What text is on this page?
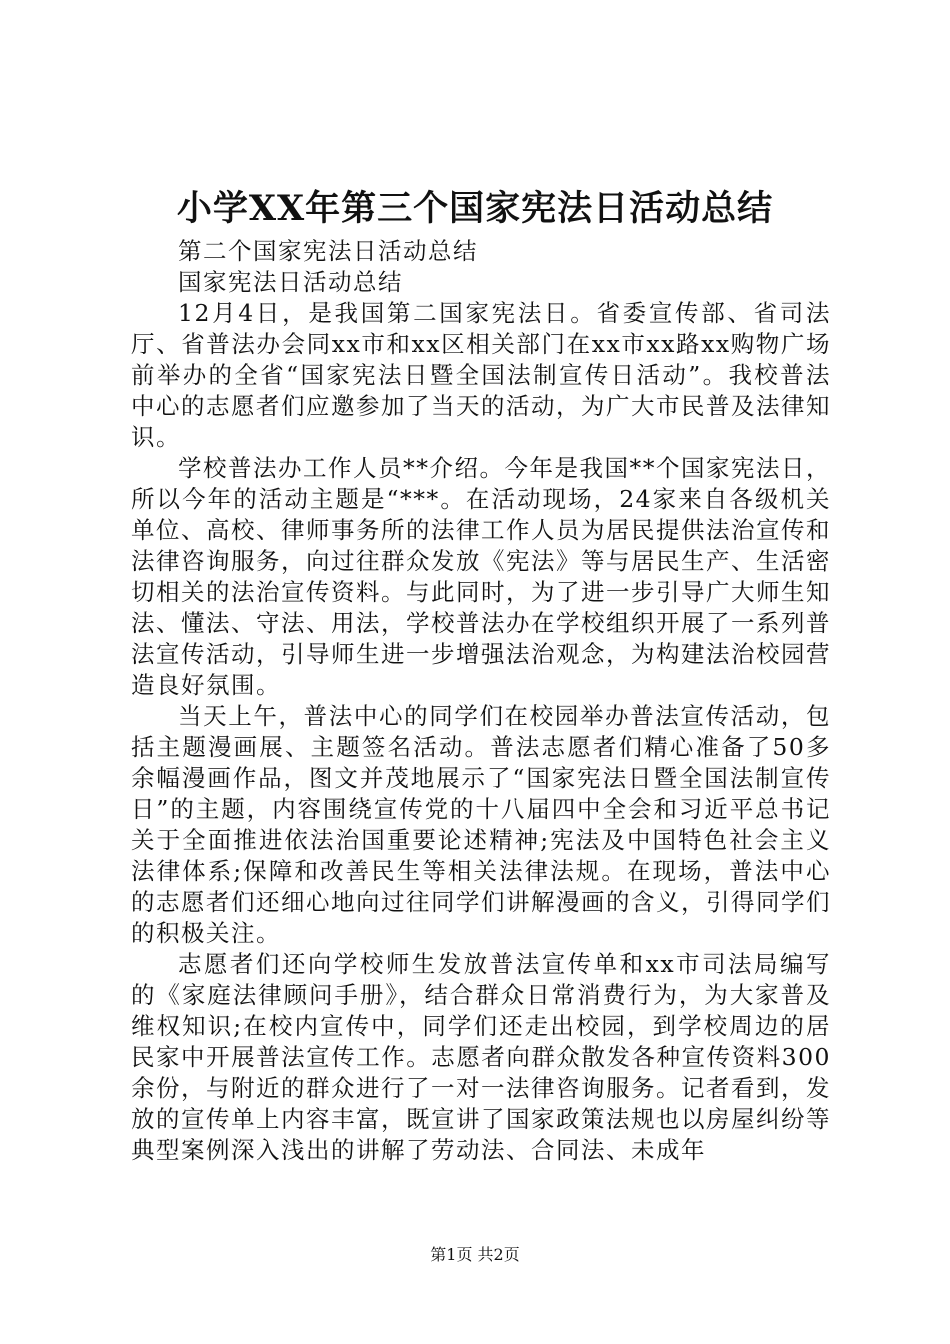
小学XX年第三个国家宪法日活动总结

第二个国家宪法日活动总结

国家宪法日活动总结

12月4日，是我国第二国家宪法日。省委宣传部、省司法厅、省普法办会同xx市和xx区相关部门在xx市xx路xx购物广场前举办的全省“国家宪法日暨全国法制宣传日活动”。我校普法中心的志愿者们应邀参加了当天的活动，为广大市民普及法律知识。

学校普法办工作人员**介绍。今年是我国**个国家宪法日，所以今年的活动主题是“***。在活动现场，24家来自各级机关单位、高校、律师事务所的法律工作人员为居民提供法治宣传和法律咨询服务，向过往群众发放《宪法》等与居民生产、生活密切相关的法治宣传资料。与此同时，为了进一步引导广大师生知法、懂法、守法、用法，学校普法办在学校组织开展了一系列普法宣传活动，引导师生进一步增强法治观念，为构建法治校园营造良好氛围。

当天上午，普法中心的同学们在校园举办普法宣传活动，包括主题漫画展、主题签名活动。普法志愿者们精心准备了50多余幅漫画作品，图文并茂地展示了“国家宪法日暨全国法制宣传日”的主题，内容围绕宣传党的十八届四中全会和习近平总书记关于全面推进依法治国重要论述精神;宪法及中国特色社会主义法律体系;保障和改善民生等相关法律法规。在现场，普法中心的志愿者们还细心地向过往同学们讲解漫画的含义，引得同学们的积极关注。

志愿者们还向学校师生发放普法宣传单和xx市司法局编写的《家庭法律顾问手册》，结合群众日常消费行为，为大家普及维权知识;在校内宣传中，同学们还走出校园，到学校周边的居民家中开展普法宣传工作。志愿者向群众散发各种宣传资料300余份，与附近的群众进行了一对一法律咨询服务。记者看到，发放的宣传单上内容丰富，既宣讲了国家政策法规也以房屋纠纷等典型案例深入浅出的讲解了劳动法、合同法、未成年

第1页 共2页
